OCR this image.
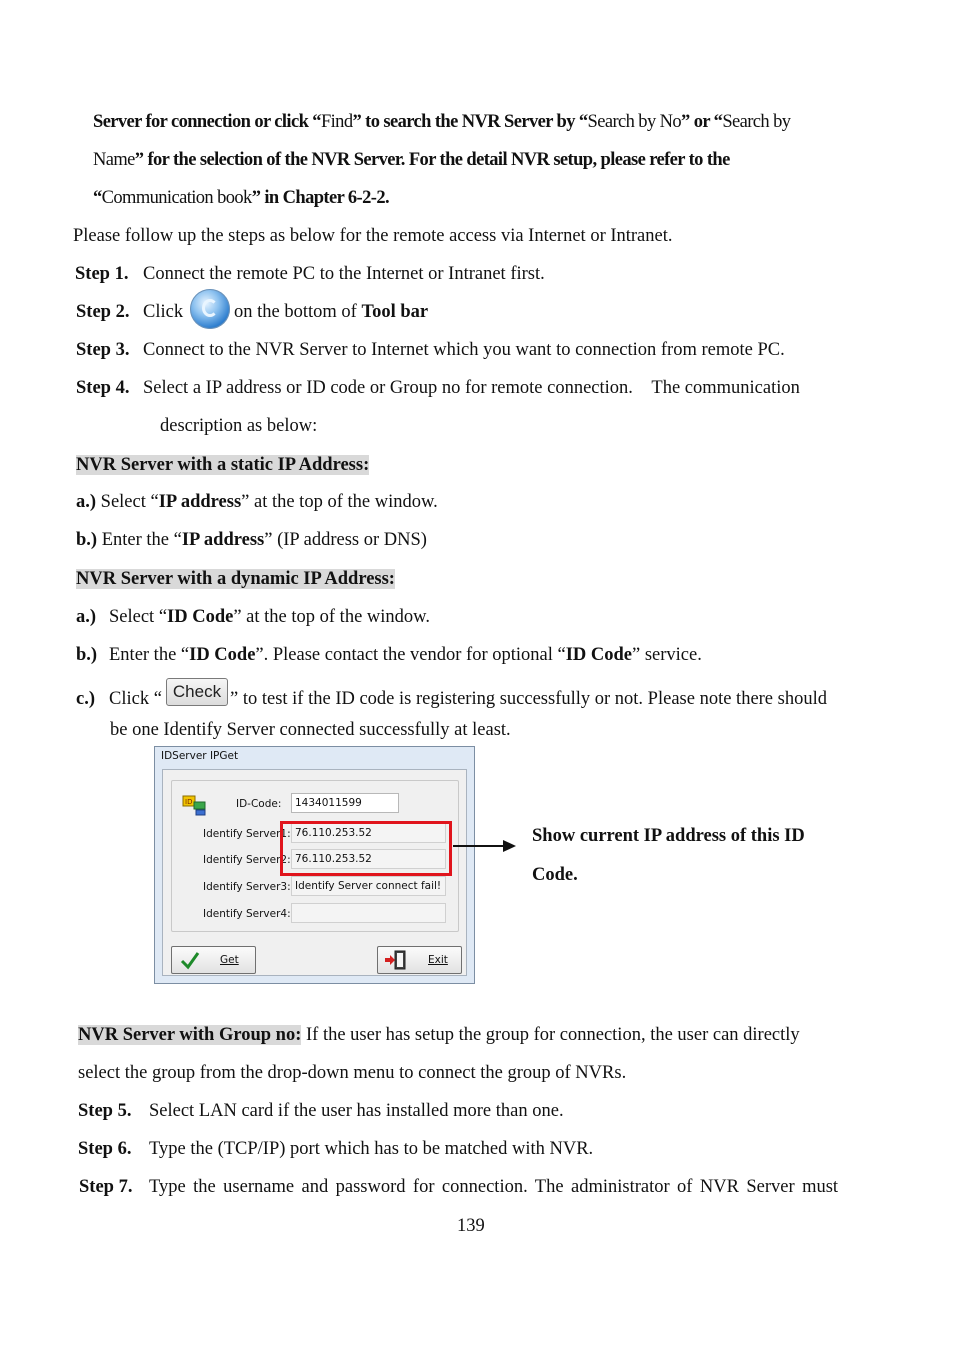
Server for connection or click “Find” to search the NVR Server by “Search by No” or “Search by
Name” for the selection of the NVR Server. For the detail NVR setup, please refer to the
“Communication book” in Chapter 6-2-2.
Please follow up the steps as below for the remote access via Internet or Intranet.
Step 1. Connect the remote PC to the Internet or Intranet first.
Step 2. Click	on the bottom of Tool bar
Step 3. Connect to the NVR Server to Internet which you want to connection from remote PC.
Step 4. Select a IP address or ID code or Group no for remote connection.    The communication
description as below:
NVR Server with a static IP Address:
a.) Select “IP address” at the top of the window.
b.) Enter the “IP address” (IP address or DNS)
NVR Server with a dynamic IP Address:
a.) Select “ID Code” at the top of the window.
b.) Enter the “ID Code”. Please contact the vendor for optional “ID Code” service.
c.) Click “	” to test if the ID code is registering successfully or not. Please note there should
Check
be one Identify Server connected successfully at least.
IDServer IPGet
ID	ID-Code:	1434011599
Identify Server1: 76.110.253.52
Identify Server2: 76.110.253.52
Identify Server3: Identify Server connect fail!
Identify Server4:
Get	Exit
Show current IP address of this ID
Code.
NVR Server with Group no: If the user has setup the group for connection, the user can directly
select the group from the drop-down menu to connect the group of NVRs.
Step 5. Select LAN card if the user has installed more than one.
Step 6. Type the (TCP/IP) port which has to be matched with NVR.
Step 7. Type the username and password for connection. The administrator of NVR Server must
139
